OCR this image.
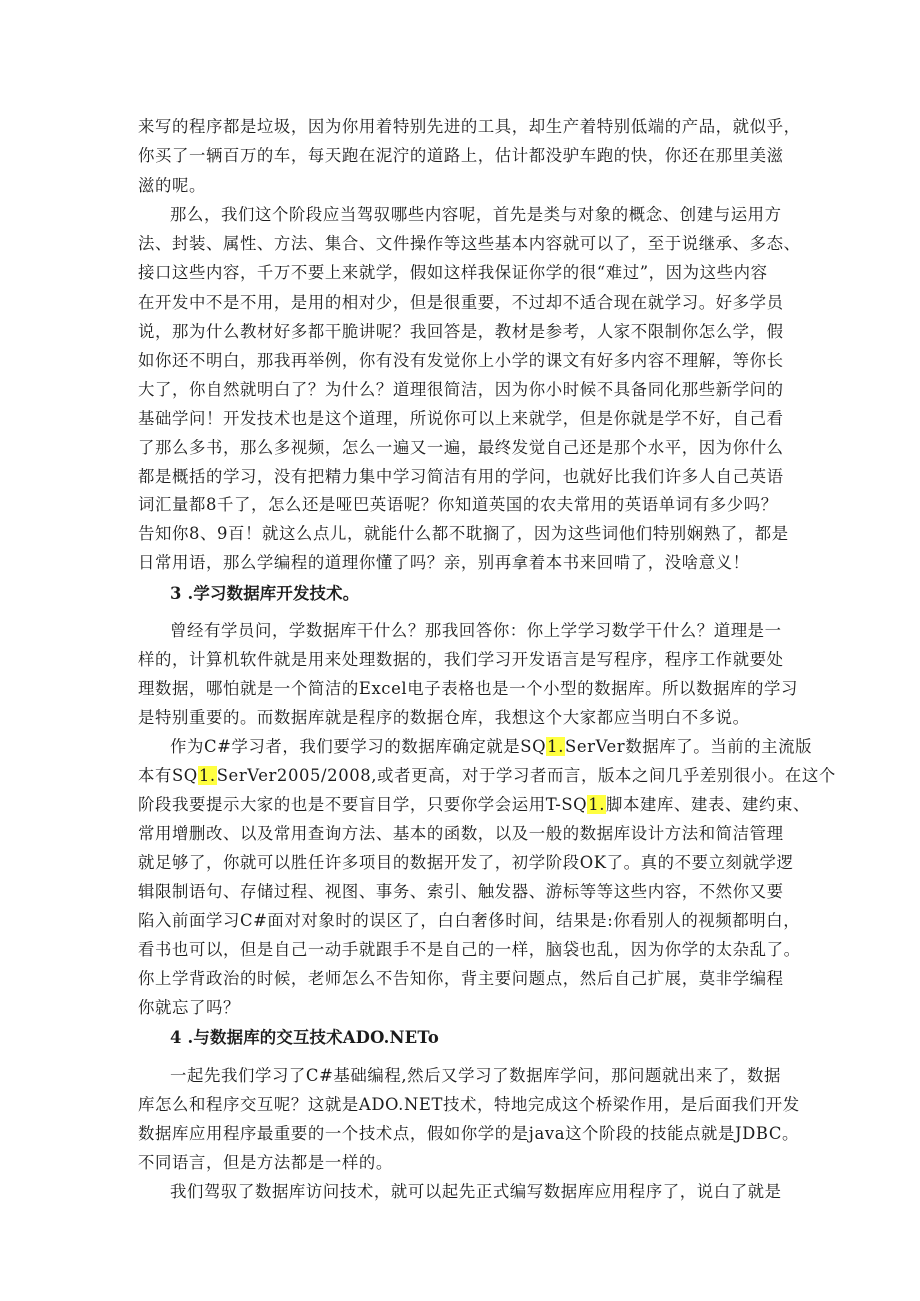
来写的程序都是垃圾，因为你用着特别先进的工具，却生产着特别低端的产品，就似乎，
你买了一辆百万的车，每天跑在泥泞的道路上，估计都没驴车跑的快，你还在那里美滋
滋的呢。
那么，我们这个阶段应当驾驭哪些内容呢，首先是类与对象的概念、创建与运用方
法、封装、属性、方法、集合、文件操作等这些基本内容就可以了，至于说继承、多态、
接口这些内容，千万不要上来就学，假如这样我保证你学的很“难过”，因为这些内容
在开发中不是不用，是用的相对少，但是很重要，不过却不适合现在就学习。好多学员
说，那为什么教材好多都干脆讲呢？我回答是，教材是参考，人家不限制你怎么学，假
如你还不明白，那我再举例，你有没有发觉你上小学的课文有好多内容不理解，等你长
大了，你自然就明白了？为什么？道理很简洁，因为你小时候不具备同化那些新学问的
基础学问！开发技术也是这个道理，所说你可以上来就学，但是你就是学不好，自己看
了那么多书，那么多视频，怎么一遍又一遍，最终发觉自己还是那个水平，因为你什么
都是概括的学习，没有把精力集中学习简洁有用的学问，也就好比我们许多人自己英语
词汇量都8千了，怎么还是哑巴英语呢？你知道英国的农夫常用的英语单词有多少吗？
告知你8、9百！就这么点儿，就能什么都不耽搁了，因为这些词他们特别娴熟了，都是
日常用语，那么学编程的道理你懂了吗？亲，别再拿着本书来回啃了，没啥意义！
3 .学习数据库开发技术。
曾经有学员问，学数据库干什么？那我回答你：你上学学习数学干什么？道理是一
样的，计算机软件就是用来处理数据的，我们学习开发语言是写程序，程序工作就要处
理数据，哪怕就是一个简洁的Excel电子表格也是一个小型的数据库。所以数据库的学习
是特别重要的。而数据库就是程序的数据仓库，我想这个大家都应当明白不多说。
作为C#学习者，我们要学习的数据库确定就是SQ1.SerVer数据库了。当前的主流版
本有SQ1.SerVer2005/2008,或者更高，对于学习者而言，版本之间几乎差别很小。在这个
阶段我要提示大家的也是不要盲目学，只要你学会运用T-SQ1.脚本建库、建表、建约束、
常用增删改、以及常用查询方法、基本的函数，以及一般的数据库设计方法和简洁管理
就足够了，你就可以胜任许多项目的数据开发了，初学阶段OK了。真的不要立刻就学逻
辑限制语句、存储过程、视图、事务、索引、触发器、游标等等这些内容，不然你又要
陷入前面学习C#面对对象时的误区了，白白奢侈时间，结果是:你看别人的视频都明白，
看书也可以，但是自己一动手就跟手不是自己的一样，脑袋也乱，因为你学的太杂乱了。
你上学背政治的时候，老师怎么不告知你，背主要问题点，然后自己扩展，莫非学编程
你就忘了吗？
4 .与数据库的交互技术ADO.NETo
一起先我们学习了C#基础编程,然后又学习了数据库学问，那问题就出来了，数据
库怎么和程序交互呢？这就是ADO.NET技术，特地完成这个桥梁作用，是后面我们开发
数据库应用程序最重要的一个技术点，假如你学的是java这个阶段的技能点就是JDBC。
不同语言，但是方法都是一样的。
我们驾驭了数据库访问技术，就可以起先正式编写数据库应用程序了，说白了就是
